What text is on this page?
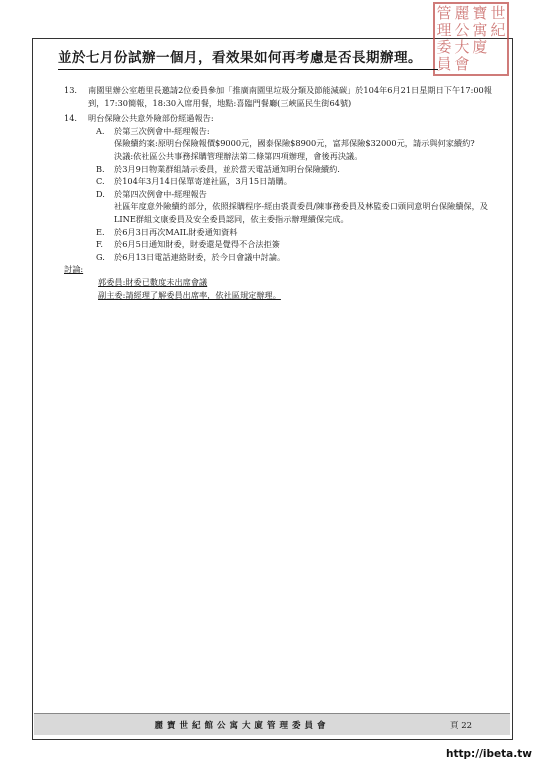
管 麗 寶 世
理 公 寓 紀
委 大 廈
員 會
並於七月份試辦一個月，看效果如何再考慮是否長期辦理。
13.	南園里辦公室趙里長邀請2位委員參加「推廣南園里垃圾分類及節能減碳」於104年6月21日星期日下午17:00報到，17:30簡報，18:30入席用餐，地點:喜臨門餐廳(三峽區民生街64號)
14.	明台保險公共意外險部份經過報告:
A.	於第三次例會中-經理報告:
保險續約案:原明台保險報價$9000元，國泰保險$8900元，富邦保險$32000元，請示與何家續約?
決議:依社區公共事務採購管理辦法第二條第四項辦理，會後再決議。
B.	於3月9日物業群組請示委員，並於當天電話通知明台保險續約.
C.	於104年3月14日保單寄達社區，3月15日請購。
D.	於第四次例會中-經理報告
社區年度意外險續約部分，依照採購程序-經由裘責委員/陳事務委員及林監委口頭同意明台保險續保，及LINE群組文康委員及安全委員認同，依主委指示辦理續保完成。
E.	於6月3日再次MAIL財委通知資料
F.	於6月5日通知財委，財委還是覺得不合法拒簽
G.	於6月13日電話連絡財委，於今日會議中討論。
討論:
郭委員:財委已數度未出席會議
副主委:請經理了解委員出席率，依社區規定辦理。
麗寶世紀館公寓大廈管理委員會	頁 22
http://ibeta.tw
